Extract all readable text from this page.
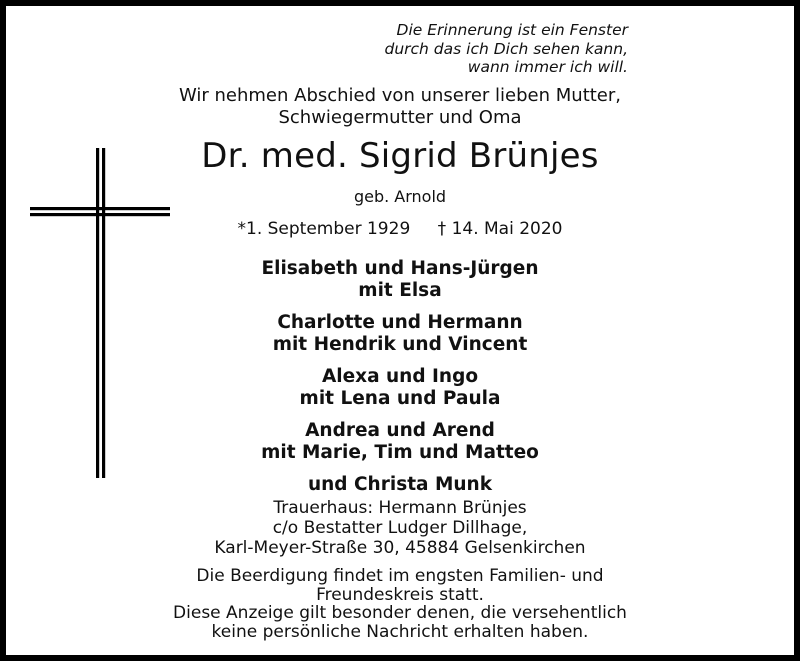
Die Erinnerung ist ein Fenster
durch das ich Dich sehen kann,
wann immer ich will.
Wir nehmen Abschied von unserer lieben Mutter,
Schwiegermutter und Oma
Dr. med. Sigrid Brünjes
geb. Arnold
*1. September 1929 † 14. Mai 2020
Elisabeth und Hans-Jürgen
mit Elsa
Charlotte und Hermann
mit Hendrik und Vincent
Alexa und Ingo
mit Lena und Paula
Andrea und Arend
mit Marie, Tim und Matteo
und Christa Munk
Trauerhaus: Hermann Brünjes
c/o Bestatter Ludger Dillhage,
Karl-Meyer-Straße 30, 45884 Gelsenkirchen
Die Beerdigung findet im engsten Familien- und
Freundeskreis statt.
Diese Anzeige gilt besonder denen, die versehentlich
keine persönliche Nachricht erhalten haben.
